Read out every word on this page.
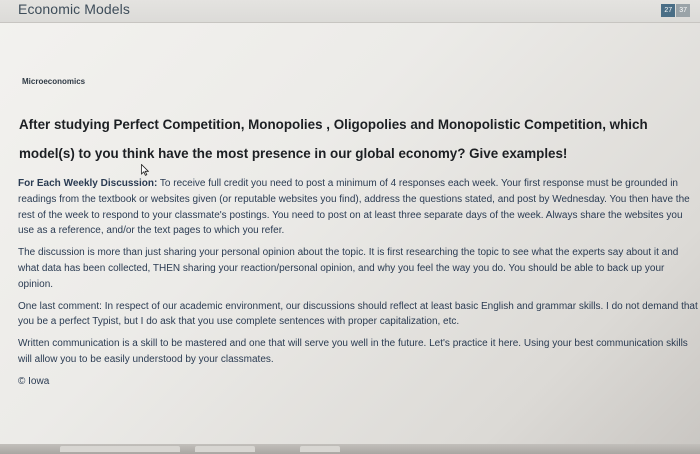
Economic Models	27	37
Microeconomics
After studying Perfect Competition, Monopolies , Oligopolies and Monopolistic Competition, which model(s) to you think have the most presence in our global economy? Give examples!

For Each Weekly Discussion: To receive full credit you need to post a minimum of 4 responses each week. Your first response must be grounded in readings from the textbook or websites given (or reputable websites you find), address the questions stated, and post by Wednesday. You then have the rest of the week to respond to your classmate's postings. You need to post on at least three separate days of the week. Always share the websites you use as a reference, and/or the text pages to which you refer.

The discussion is more than just sharing your personal opinion about the topic. It is first researching the topic to see what the experts say about it and what data has been collected, THEN sharing your reaction/personal opinion, and why you feel the way you do. You should be able to back up your opinion.

One last comment: In respect of our academic environment, our discussions should reflect at least basic English and grammar skills. I do not demand that you be a perfect Typist, but I do ask that you use complete sentences with proper capitalization, etc.

Written communication is a skill to be mastered and one that will serve you well in the future. Let's practice it here. Using your best communication skills will allow you to be easily understood by your classmates.

© Iowa
